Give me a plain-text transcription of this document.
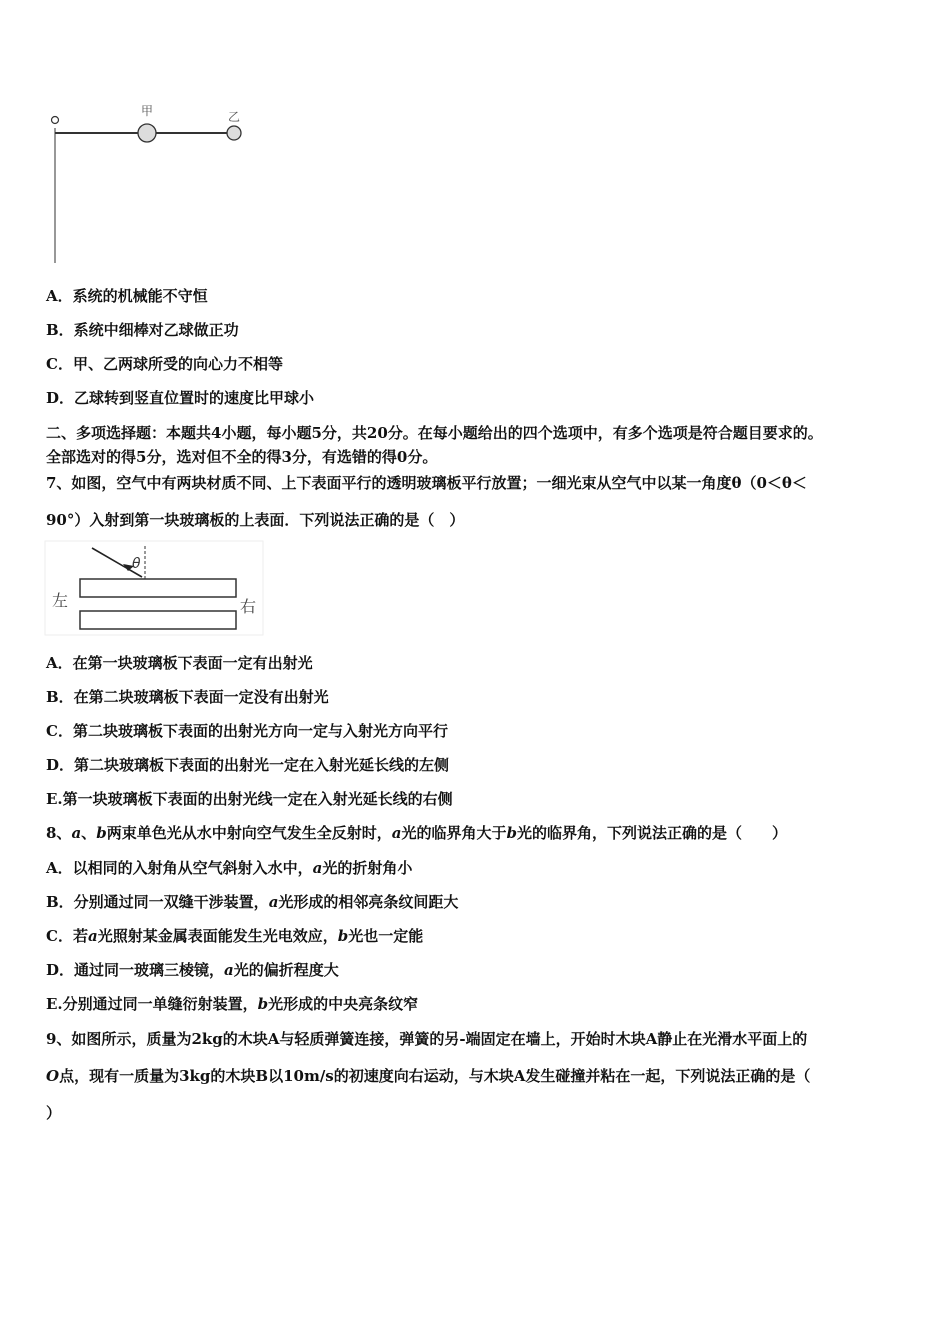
甲	乙
A．系统的机械能不守恒
B．系统中细棒对乙球做正功
C．甲、乙两球所受的向心力不相等
D．乙球转到竖直位置时的速度比甲球小
二、多项选择题：本题共4小题，每小题5分，共20分。在每小题给出的四个选项中，有多个选项是符合题目要求的。
全部选对的得5分，选对但不全的得3分，有选错的得0分。
7、如图，空气中有两块材质不同、上下表面平行的透明玻璃板平行放置；一细光束从空气中以某一角度θ（0＜θ＜
90°）入射到第一块玻璃板的上表面．下列说法正确的是（　）
θ
左	右
A．在第一块玻璃板下表面一定有出射光
B．在第二块玻璃板下表面一定没有出射光
C．第二块玻璃板下表面的出射光方向一定与入射光方向平行
D．第二块玻璃板下表面的出射光一定在入射光延长线的左侧
E.第一块玻璃板下表面的出射光线一定在入射光延长线的右侧
8、a、b两束单色光从水中射向空气发生全反射时，a光的临界角大于b光的临界角，下列说法正确的是（　　）
A．以相同的入射角从空气斜射入水中，a光的折射角小
B．分别通过同一双缝干涉装置，a光形成的相邻亮条纹间距大
C．若a光照射某金属表面能发生光电效应，b光也一定能
D．通过同一玻璃三棱镜，a光的偏折程度大
E.分别通过同一单缝衍射装置，b光形成的中央亮条纹窄
9、如图所示，质量为2kg的木块A与轻质弹簧连接，弹簧的另-端固定在墙上，开始时木块A静止在光滑水平面上的
O点，现有一质量为3kg的木块B以10m/s的初速度向右运动，与木块A发生碰撞并粘在一起，下列说法正确的是（
）
